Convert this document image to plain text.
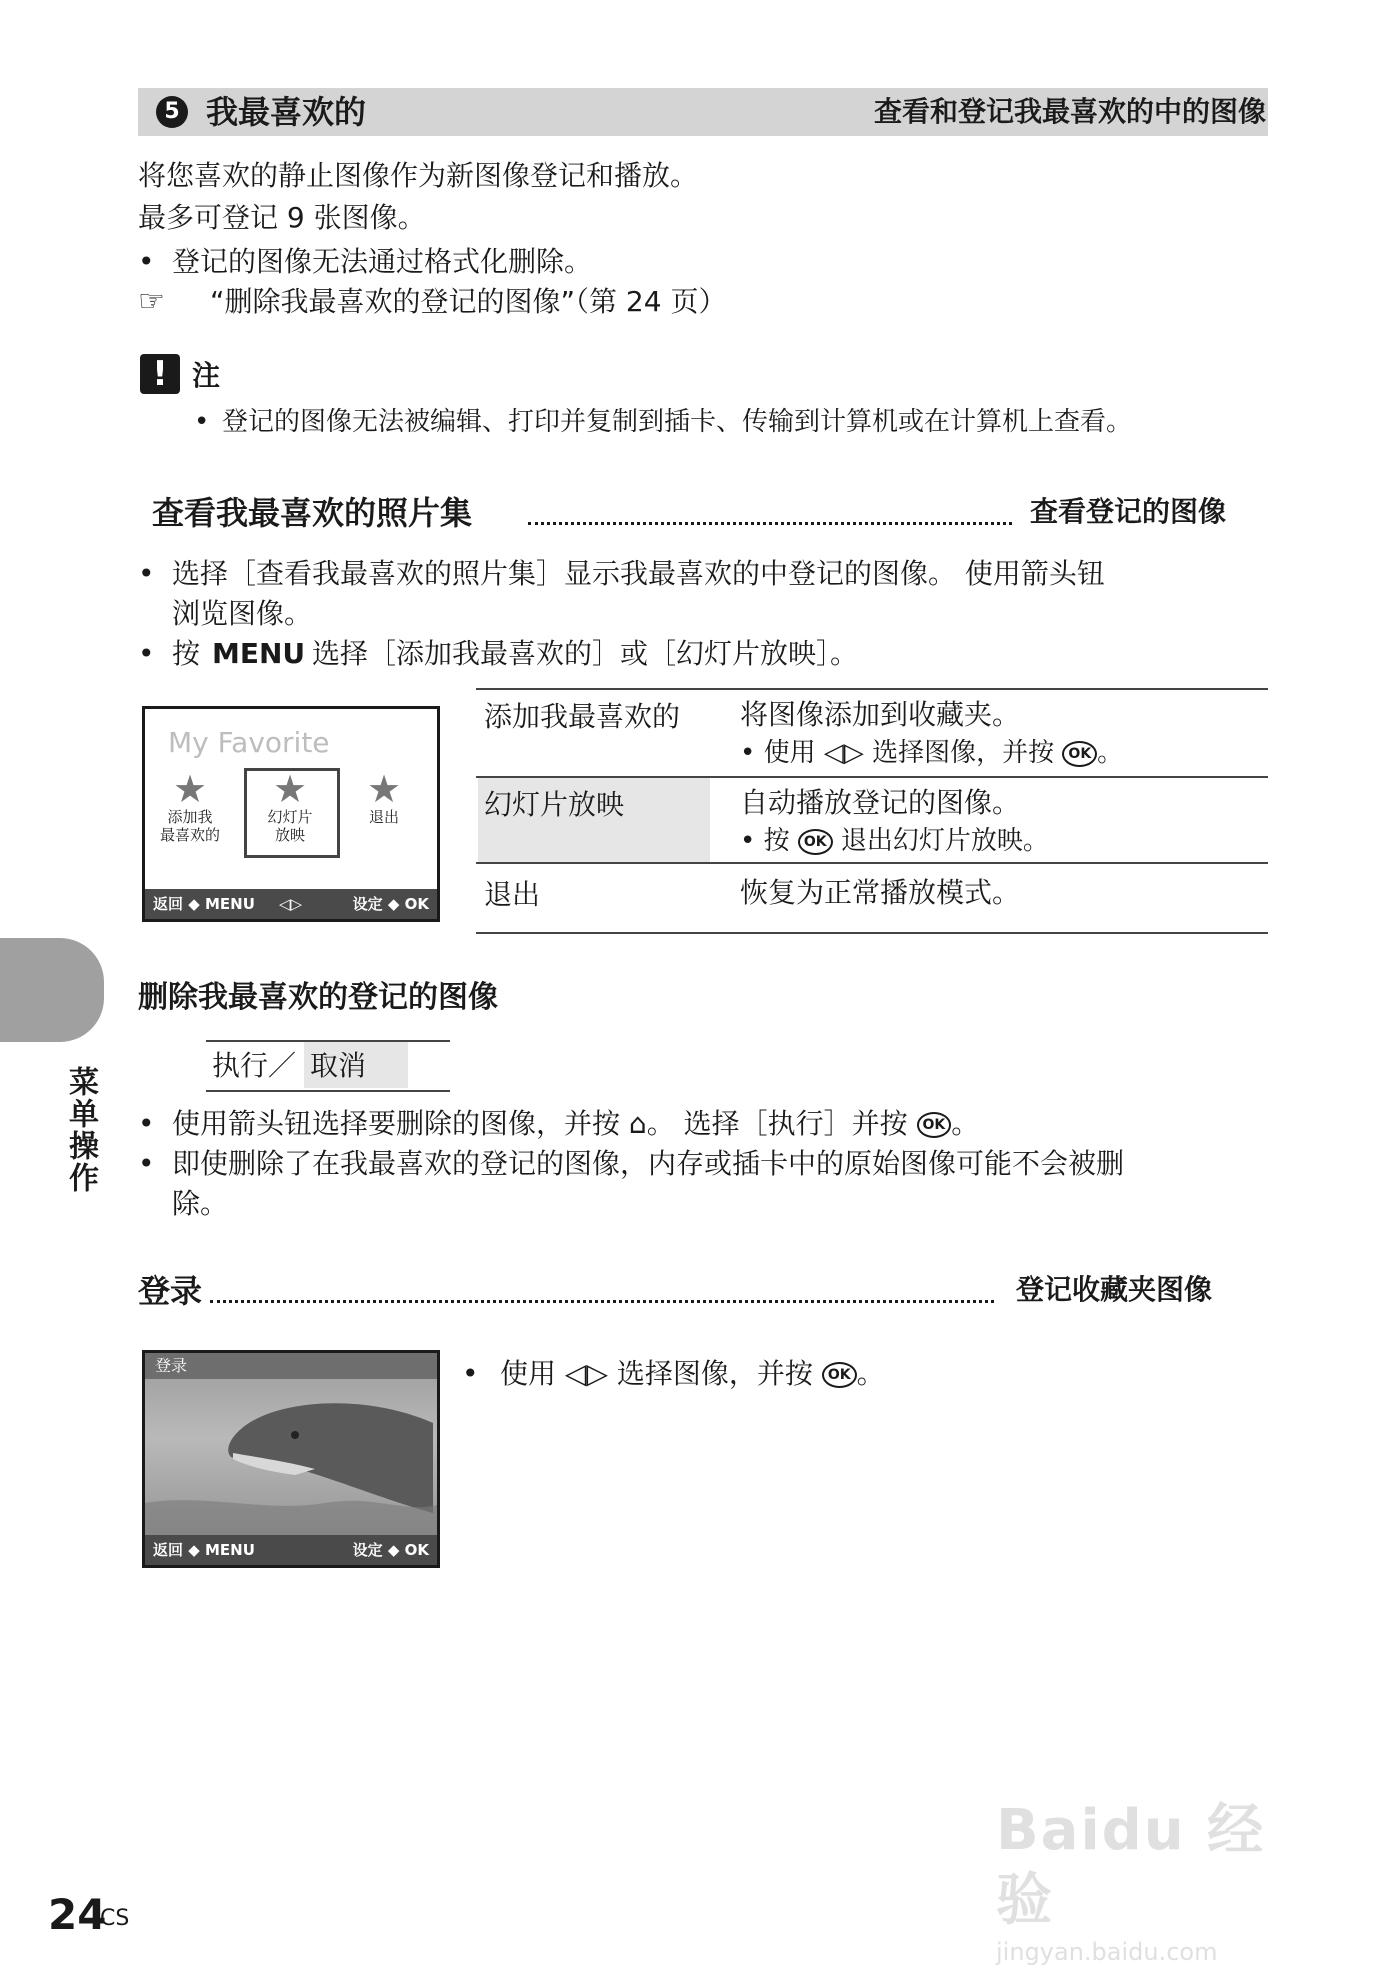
5 我最喜欢的	查看和登记我最喜欢的中的图像
将您喜欢的静止图像作为新图像登记和播放。
最多可登记 9 张图像。
• 登记的图像无法通过格式化删除。
☞ “删除我最喜欢的登记的图像”（第 24 页）
! 注
• 登记的图像无法被编辑、打印并复制到插卡、传输到计算机或在计算机上查看。
查看我最喜欢的照片集	查看登记的图像
• 选择［查看我最喜欢的照片集］显示我最喜欢的中登记的图像。 使用箭头钮
浏览图像。
• 按 MENU 选择［添加我最喜欢的］或［幻灯片放映］。
返回 ◆ MENU ◁▷	设定 ◆ OK
My Favorite
★
添加我
最喜欢的
★
幻灯片
放映
★
退出
添加我最喜欢的 将图像添加到收藏夹。
• 使用 ◁▷ 选择图像，并按 OK 。
幻灯片放映	自动播放登记的图像。
• 按 OK 退出幻灯片放映。
退出	恢复为正常播放模式。
菜单操作
删除我最喜欢的登记的图像
执行／ 取消
• 使用箭头钮选择要删除的图像，并按 ⌂。 选择［执行］并按 OK 。
• 即使删除了在我最喜欢的登记的图像，内存或插卡中的原始图像可能不会被删
除。
登录	登记收藏夹图像
登录
返回 ◆ MENU	设定 ◆ OK
• 使用 ◁▷ 选择图像，并按 OK 。
24
CS
Baidu 经验
jingyan.baidu.com
